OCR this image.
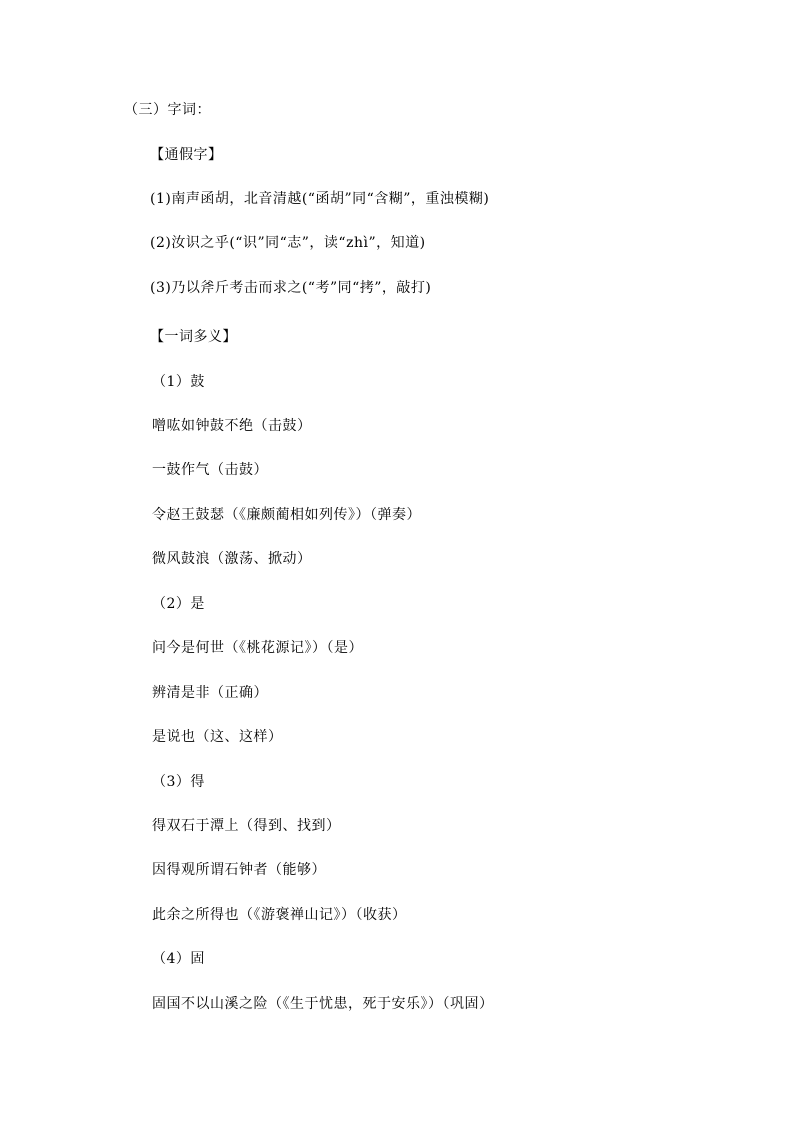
（三）字词：
【通假字】
(1)南声函胡，北音清越(“函胡”同“含糊”，重浊模糊)
(2)汝识之乎(“识”同“志”，读“zhì”，知道)
(3)乃以斧斤考击而求之(“考”同“拷”，敲打)
【一词多义】
（1）鼓
噌吰如钟鼓不绝（击鼓）
一鼓作气（击鼓）
令赵王鼓瑟（《廉颇蔺相如列传》）（弹奏）
微风鼓浪（激荡、掀动）
（2）是
问今是何世（《桃花源记》）（是）
辨清是非（正确）
是说也（这、这样）
（3）得
得双石于潭上（得到、找到）
因得观所谓石钟者（能够）
此余之所得也（《游褒禅山记》）（收获）
（4）固
固国不以山溪之险（《生于忧患，死于安乐》）（巩固）
